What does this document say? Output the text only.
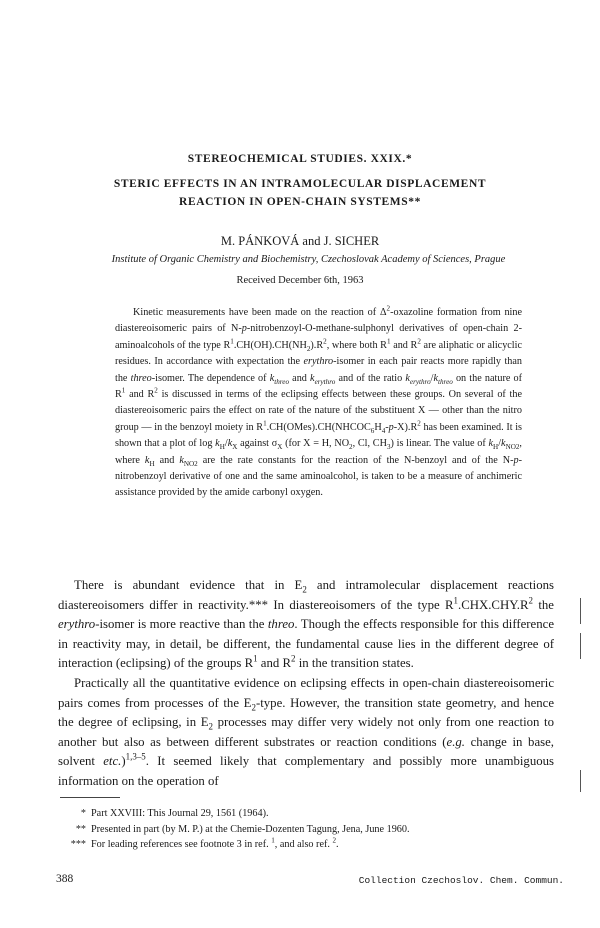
STEREOCHEMICAL STUDIES. XXIX.*
STERIC EFFECTS IN AN INTRAMOLECULAR DISPLACEMENT
REACTION IN OPEN-CHAIN SYSTEMS**
M. PÁNKOVÁ and J. SICHER
Institute of Organic Chemistry and Biochemistry, Czechoslovak Academy of Sciences, Prague
Received December 6th, 1963
Kinetic measurements have been made on the reaction of $\Delta^2$-oxazoline formation from nine diastereoisomeric pairs of N-p-nitrobenzoyl-O-methane-sulphonyl derivatives of open-chain 2-aminoalcohols of the type $R^1.CH(OH).CH(NH_2).R^2$, where both $R^1$ and $R^2$ are aliphatic or alicyclic residues. In accordance with expectation the erythro-isomer in each pair reacts more rapidly than the threo-isomer. The dependence of $k_{threo}$ and $k_{erythro}$ and of the ratio $k_{erythro}/k_{threo}$ on the nature of $R^1$ and $R^2$ is discussed in terms of the eclipsing effects between these groups. On several of the diastereoisomeric pairs the effect on rate of the nature of the substituent X — other than the nitro group — in the benzoyl moiety in $R^1.CH(OMes).CH(NHCOC_6H_4-p-X).R^2$ has been examined. It is shown that a plot of $\log k_H/k_X$ against $\sigma_X$ (for X = H, $NO_2$, Cl, $CH_3$) is linear. The value of $k_H/k_{NO2}$, where $k_H$ and $k_{NO2}$ are the rate constants for the reaction of the N-benzoyl and of the N-p-nitrobenzoyl derivative of one and the same aminoalcohol, is taken to be a measure of anchimeric assistance provided by the amide carbonyl oxygen.

There is abundant evidence that in $E_2$ and intramolecular displacement reactions diastereoisomers differ in reactivity.*** In diastereoisomers of the type $R^1.CHX.CHY.R^2$ the erythro-isomer is more reactive than the threo. Though the effects responsible for this difference in reactivity may, in detail, be different, the fundamental cause lies in the different degree of interaction (eclipsing) of the groups $R^1$ and $R^2$ in the transition states.

Practically all the quantitative evidence on eclipsing effects in open-chain diastereoisomeric pairs comes from processes of the $E_2$-type. However, the transition state geometry, and hence the degree of eclipsing, in $E_2$ processes may differ very widely not only from one reaction to another but also as between different substrates or reaction conditions (e.g. change in base, solvent etc.)$^{1,3-5}$. It seemed likely that complementary and possibly more unambiguous information on the operation of

* Part XXVIII: This Journal 29, 1561 (1964).
** Presented in part (by M. P.) at the Chemie-Dozenten Tagung, Jena, June 1960.
*** For leading references see footnote 3 in ref. $^1$, and also ref. $^2$.
388	Collection Czechoslov. Chem. Commun.
